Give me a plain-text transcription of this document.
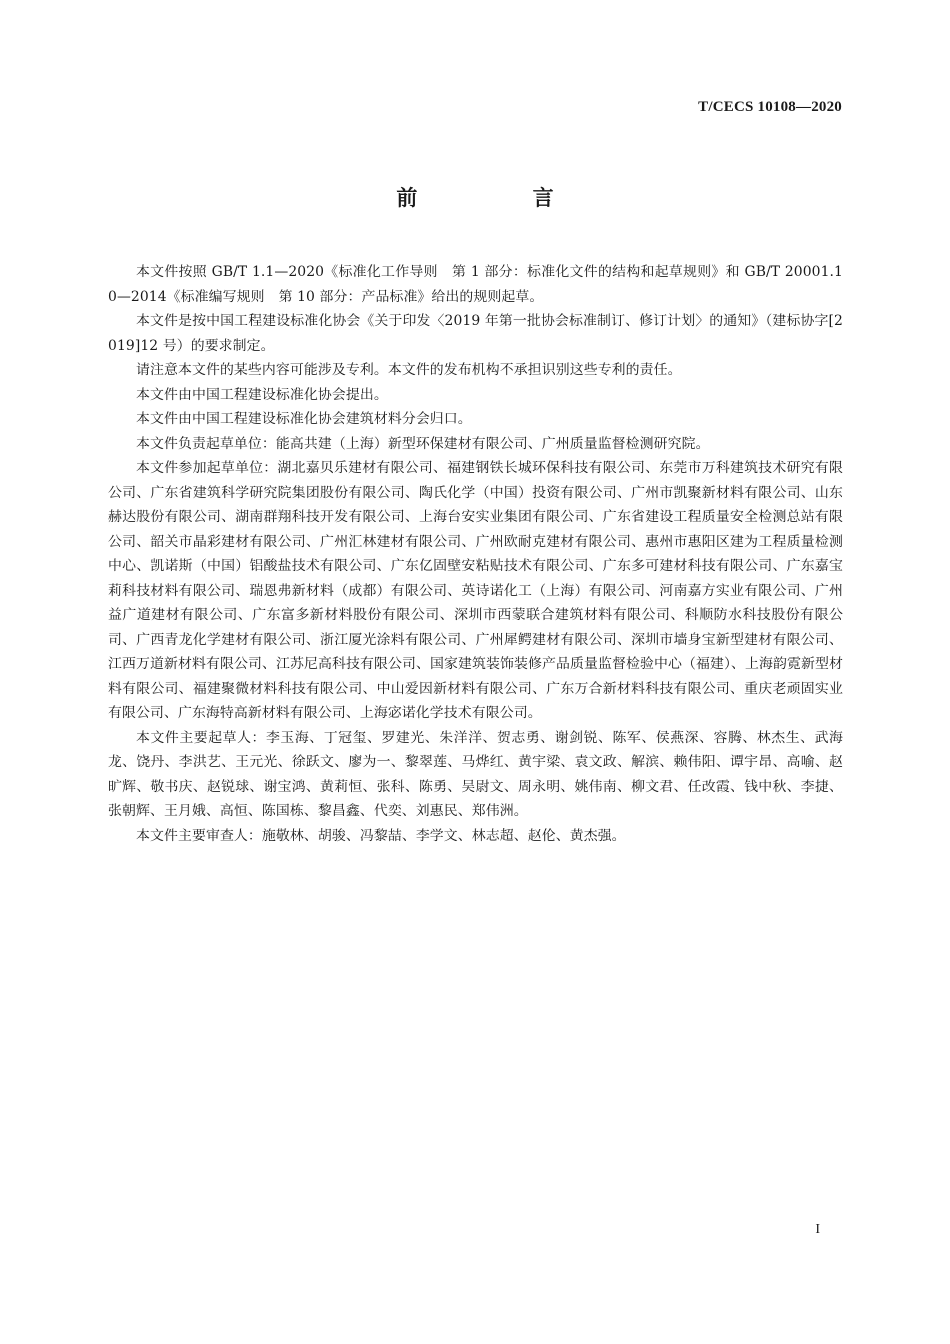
T/CECS 10108—2020
前 言

本文件按照 GB/T 1.1—2020《标准化工作导则　第 1 部分：标准化文件的结构和起草规则》和 GB/T 20001.10—2014《标准编写规则　第 10 部分：产品标准》给出的规则起草。

本文件是按中国工程建设标准化协会《关于印发〈2019 年第一批协会标准制订、修订计划〉的通知》（建标协字[2019]12 号）的要求制定。

请注意本文件的某些内容可能涉及专利。本文件的发布机构不承担识别这些专利的责任。

本文件由中国工程建设标准化协会提出。

本文件由中国工程建设标准化协会建筑材料分会归口。

本文件负责起草单位：能高共建（上海）新型环保建材有限公司、广州质量监督检测研究院。

本文件参加起草单位：湖北嘉贝乐建材有限公司、福建钢铁长城环保科技有限公司、东莞市万科建筑技术研究有限公司、广东省建筑科学研究院集团股份有限公司、陶氏化学（中国）投资有限公司、广州市凯聚新材料有限公司、山东赫达股份有限公司、湖南群翔科技开发有限公司、上海台安实业集团有限公司、广东省建设工程质量安全检测总站有限公司、韶关市晶彩建材有限公司、广州汇林建材有限公司、广州欧耐克建材有限公司、惠州市惠阳区建为工程质量检测中心、凯诺斯（中国）铝酸盐技术有限公司、广东亿固壁安粘贴技术有限公司、广东多可建材科技有限公司、广东嘉宝莉科技材料有限公司、瑞恩弗新材料（成都）有限公司、英诗诺化工（上海）有限公司、河南嘉方实业有限公司、广州益广道建材有限公司、广东富多新材料股份有限公司、深圳市西蒙联合建筑材料有限公司、科顺防水科技股份有限公司、广西青龙化学建材有限公司、浙江厦光涂料有限公司、广州犀鳄建材有限公司、深圳市墙身宝新型建材有限公司、江西万道新材料有限公司、江苏尼高科技有限公司、国家建筑装饰装修产品质量监督检验中心（福建）、上海韵霓新型材料有限公司、福建聚微材料科技有限公司、中山爱因新材料有限公司、广东万合新材料科技有限公司、重庆老顽固实业有限公司、广东海特高新材料有限公司、上海宓诺化学技术有限公司。

本文件主要起草人：李玉海、丁冠玺、罗建光、朱洋洋、贺志勇、谢剑锐、陈军、侯燕深、容腾、林杰生、武海龙、饶丹、李洪艺、王元光、徐跃文、廖为一、黎翠莲、马烨红、黄宇梁、袁文政、解滨、赖伟阳、谭宇昂、高喻、赵旷辉、敬书庆、赵锐球、谢宝鸿、黄莉恒、张科、陈勇、吴尉文、周永明、姚伟南、柳文君、任改霞、钱中秋、李捷、张朝辉、王月娥、高恒、陈国栋、黎昌鑫、代奕、刘惠民、郑伟洲。

本文件主要审查人：施敬林、胡骏、冯黎喆、李学文、林志超、赵伦、黄杰强。

I
